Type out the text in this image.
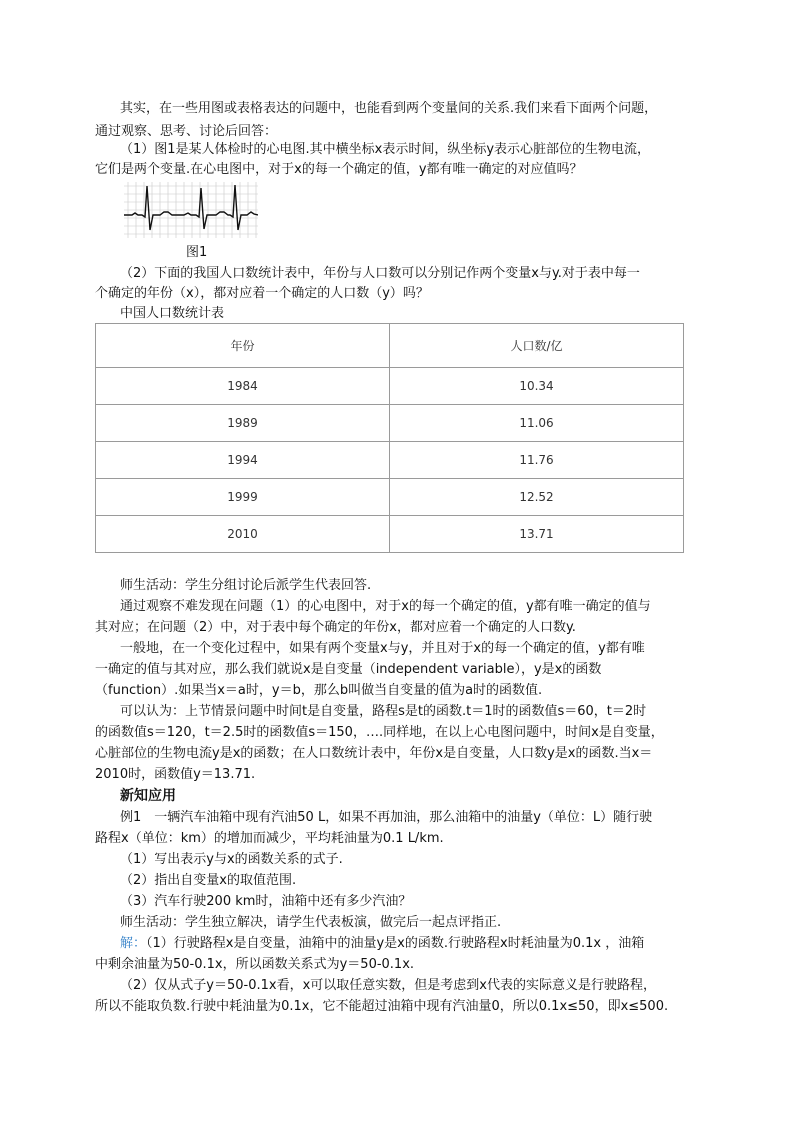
其实，在一些用图或表格表达的问题中，也能看到两个变量间的关系.我们来看下面两个问题，

通过观察、思考、讨论后回答：

（1）图1是某人体检时的心电图.其中横坐标x表示时间，纵坐标y表示心脏部位的生物电流，

它们是两个变量.在心电图中，对于x的每一个确定的值，y都有唯一确定的对应值吗？

图1

（2）下面的我国人口数统计表中，年份与人口数可以分别记作两个变量x与y.对于表中每一

个确定的年份（x），都对应着一个确定的人口数（y）吗？

中国人口数统计表
年份	人口数/亿
1984	10.34
1989	11.06
1994	11.76
1999	12.52
2010	13.71

师生活动：学生分组讨论后派学生代表回答.

通过观察不难发现在问题（1）的心电图中，对于x的每一个确定的值，y都有唯一确定的值与

其对应；在问题（2）中，对于表中每个确定的年份x，都对应着一个确定的人口数y.

一般地，在一个变化过程中，如果有两个变量x与y，并且对于x的每一个确定的值，y都有唯

一确定的值与其对应，那么我们就说x是自变量（independent variable），y是x的函数

（function）.如果当x＝a时，y＝b，那么b叫做当自变量的值为a时的函数值.

可以认为：上节情景问题中时间t是自变量，路程s是t的函数.t＝1时的函数值s＝60，t＝2时

的函数值s＝120，t＝2.5时的函数值s＝150，….同样地，在以上心电图问题中，时间x是自变量，

心脏部位的生物电流y是x的函数；在人口数统计表中，年份x是自变量，人口数y是x的函数.当x＝

2010时，函数值y＝13.71.

新知应用

例1　一辆汽车油箱中现有汽油50 L，如果不再加油，那么油箱中的油量y（单位：L）随行驶

路程x（单位：km）的增加而减少，平均耗油量为0.1 L/km.

（1）写出表示y与x的函数关系的式子.

（2）指出自变量x的取值范围.

（3）汽车行驶200 km时，油箱中还有多少汽油？

师生活动：学生独立解决，请学生代表板演，做完后一起点评指正.

解：（1）行驶路程x是自变量，油箱中的油量y是x的函数.行驶路程x时耗油量为0.1x ，油箱

中剩余油量为50-0.1x，所以函数关系式为y＝50-0.1x.

（2）仅从式子y＝50-0.1x看，x可以取任意实数，但是考虑到x代表的实际意义是行驶路程，

所以不能取负数.行驶中耗油量为0.1x，它不能超过油箱中现有汽油量0，所以0.1x≤50，即x≤500.
